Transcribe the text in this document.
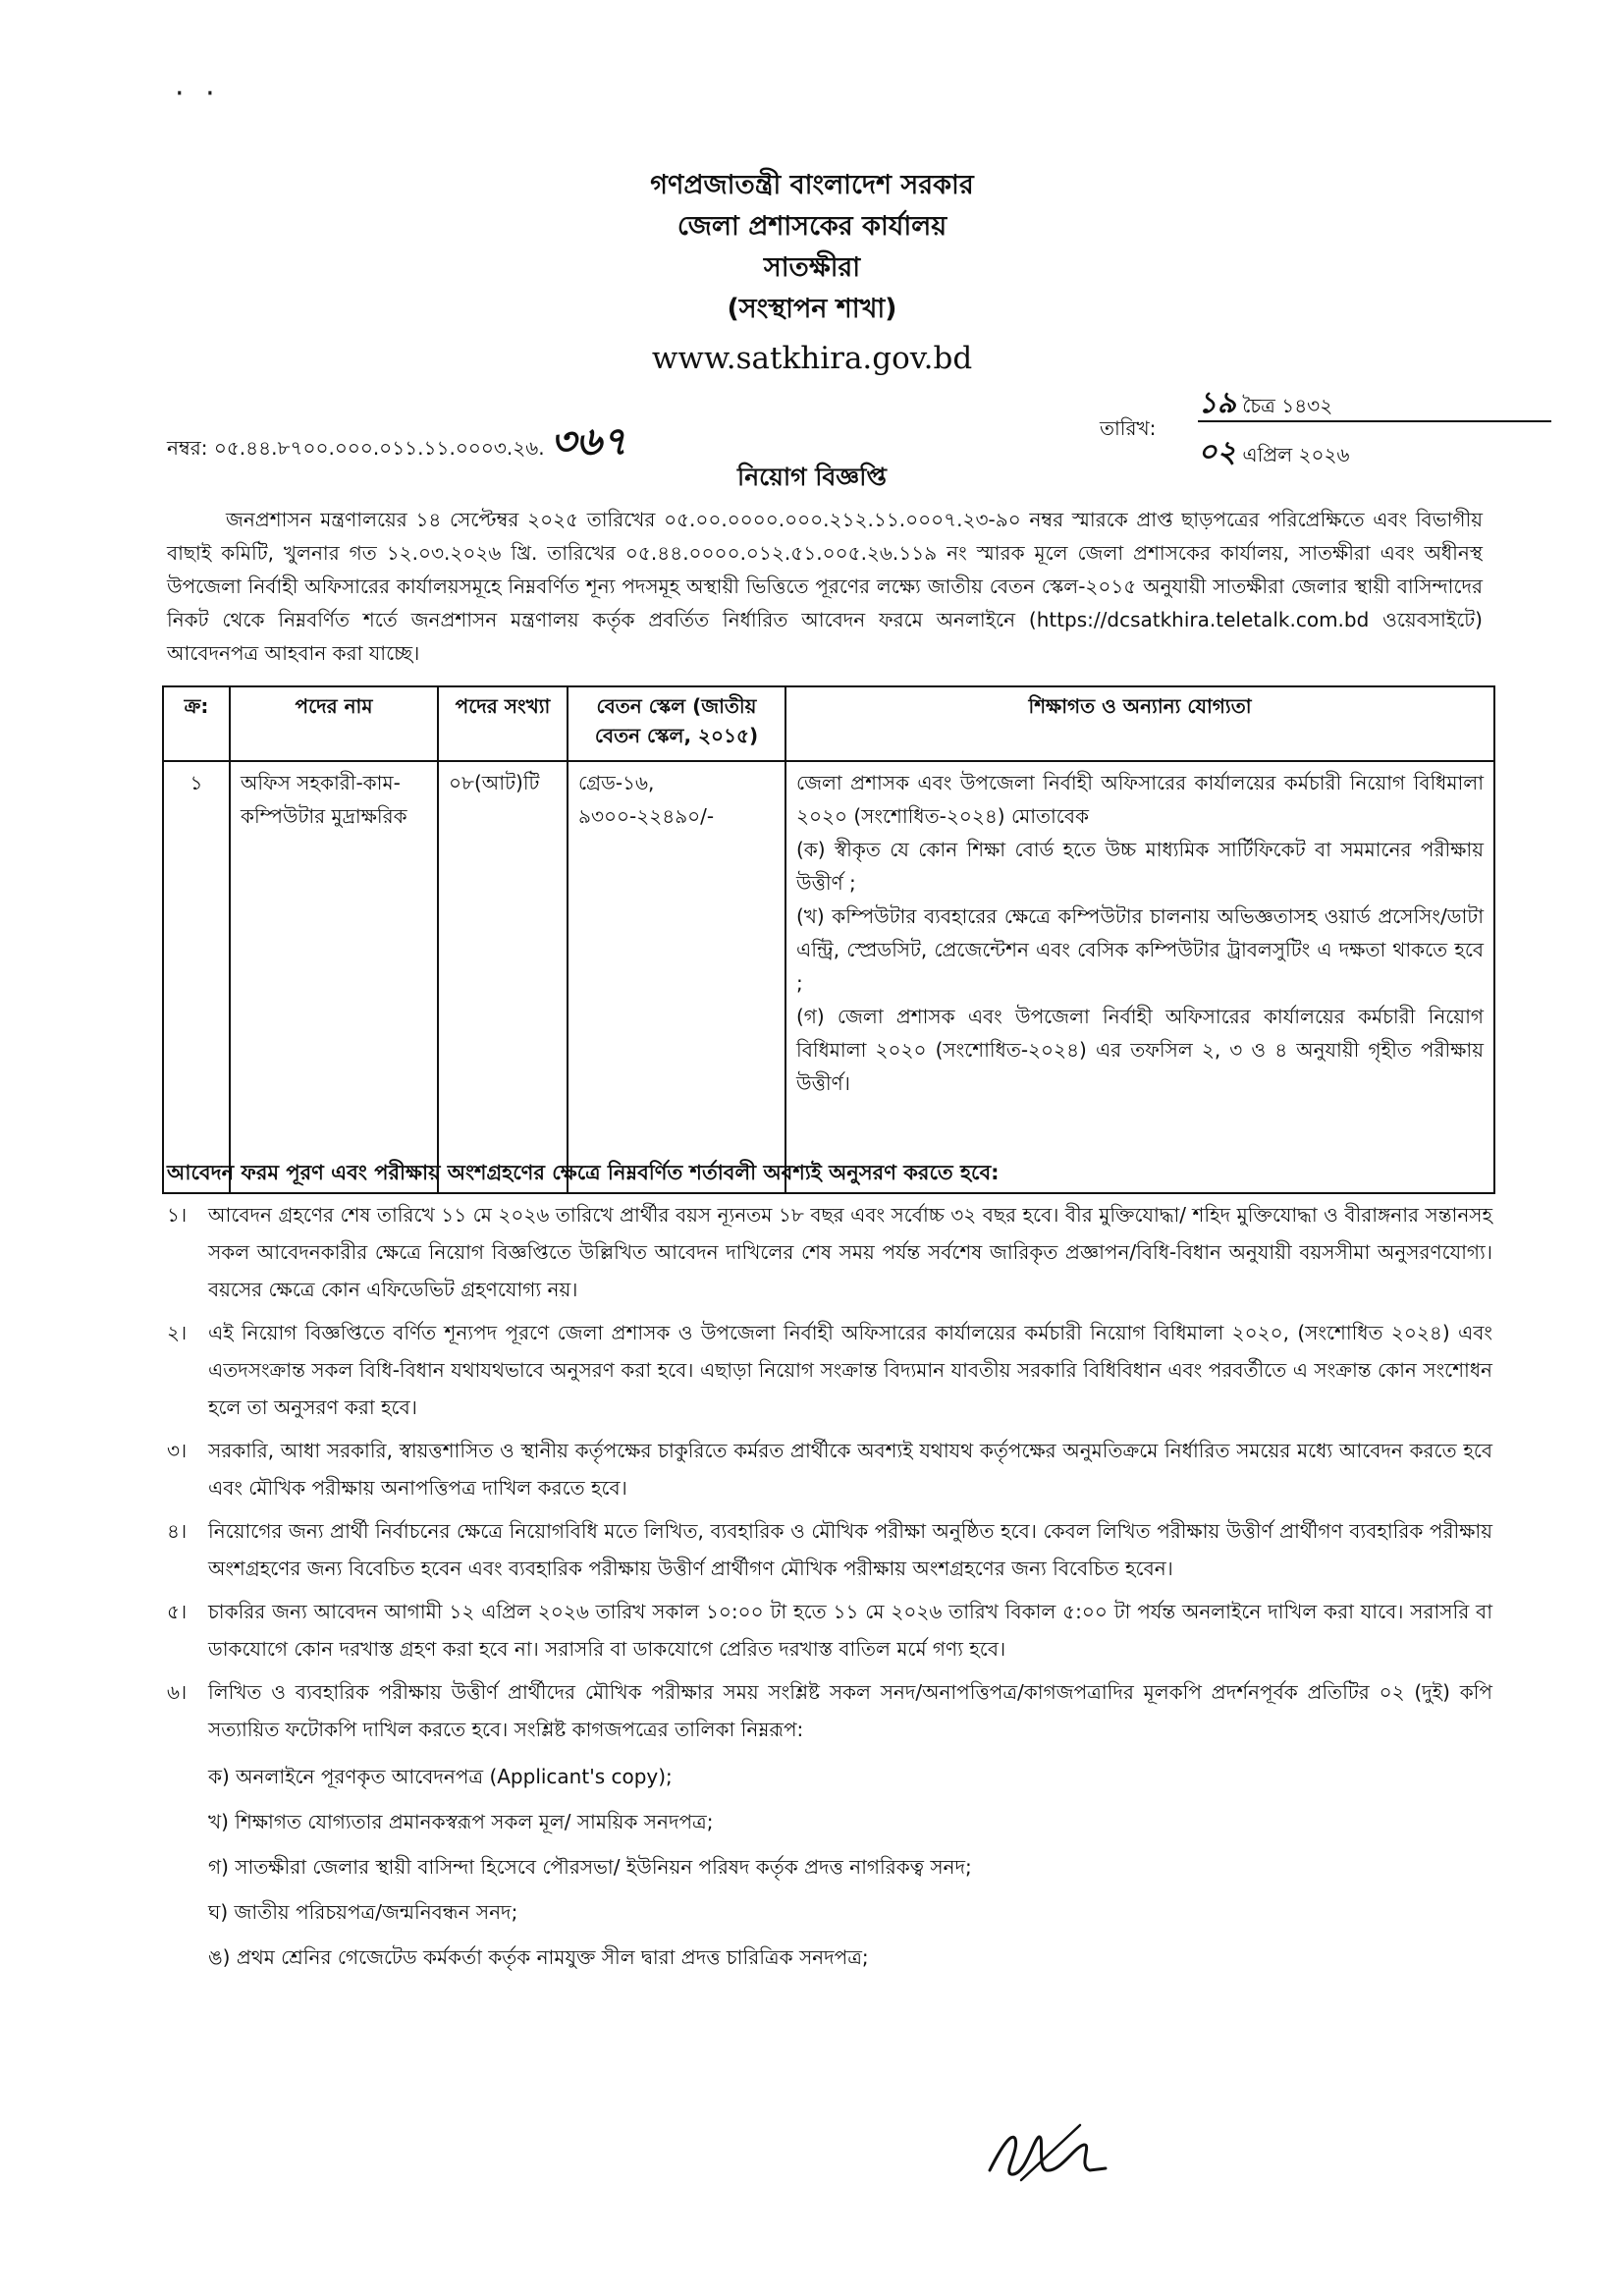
· ·
গণপ্রজাতন্ত্রী বাংলাদেশ সরকার
জেলা প্রশাসকের কার্যালয়
সাতক্ষীরা
(সংস্থাপন শাখা)
www.satkhira.gov.bd
নম্বর: ০৫.৪৪.৮৭০০.০০০.০১১.১১.০০০৩.২৬. ৩৬৭	তারিখ:
১৯ চৈত্র ১৪৩২
০২ এপ্রিল ২০২৬
নিয়োগ বিজ্ঞপ্তি
জনপ্রশাসন মন্ত্রণালয়ের ১৪ সেপ্টেম্বর ২০২৫ তারিখের ০৫.০০.০০০০.০০০.২১২.১১.০০০৭.২৩-৯০ নম্বর স্মারকে প্রাপ্ত ছাড়পত্রের পরিপ্রেক্ষিতে এবং বিভাগীয় বাছাই কমিটি, খুলনার গত ১২.০৩.২০২৬ খ্রি. তারিখের ০৫.৪৪.০০০০.০১২.৫১.০০৫.২৬.১১৯ নং স্মারক মূলে জেলা প্রশাসকের কার্যালয়, সাতক্ষীরা এবং অধীনস্থ উপজেলা নির্বাহী অফিসারের কার্যালয়সমূহে নিম্নবর্ণিত শূন্য পদসমূহ অস্থায়ী ভিত্তিতে পূরণের লক্ষ্যে জাতীয় বেতন স্কেল-২০১৫ অনুযায়ী সাতক্ষীরা জেলার স্থায়ী বাসিন্দাদের নিকট থেকে নিম্নবর্ণিত শর্তে জনপ্রশাসন মন্ত্রণালয় কর্তৃক প্রবর্তিত নির্ধারিত আবেদন ফরমে অনলাইনে (https://dcsatkhira.teletalk.com.bd ওয়েবসাইটে) আবেদনপত্র আহবান করা যাচ্ছে।
ক্র:	পদের নাম	পদের সংখ্যা	বেতন স্কেল (জাতীয় বেতন স্কেল, ২০১৫)	শিক্ষাগত ও অন্যান্য যোগ্যতা
১	অফিস সহকারী-কাম-কম্পিউটার মুদ্রাক্ষরিক	০৮(আট)টি	গ্রেড-১৬, ৯৩০০-২২৪৯০/-	জেলা প্রশাসক এবং উপজেলা নির্বাহী অফিসারের কার্যালয়ের কর্মচারী নিয়োগ বিধিমালা ২০২০ (সংশোধিত-২০২৪) মোতাবেক
(ক) স্বীকৃত যে কোন শিক্ষা বোর্ড হতে উচ্চ মাধ্যমিক সার্টিফিকেট বা সমমানের পরীক্ষায় উত্তীর্ণ ;
(খ) কম্পিউটার ব্যবহারের ক্ষেত্রে কম্পিউটার চালনায় অভিজ্ঞতাসহ ওয়ার্ড প্রসেসিং/ডাটা এন্ট্রি, স্প্রেডসিট, প্রেজেন্টেশন এবং বেসিক কম্পিউটার ট্রাবলসুটিং এ দক্ষতা থাকতে হবে ;
(গ) জেলা প্রশাসক এবং উপজেলা নির্বাহী অফিসারের কার্যালয়ের কর্মচারী নিয়োগ বিধিমালা ২০২০ (সংশোধিত-২০২৪) এর তফসিল ২, ৩ ও ৪ অনুযায়ী গৃহীত পরীক্ষায় উত্তীর্ণ।
আবেদন ফরম পূরণ এবং পরীক্ষায় অংশগ্রহণের ক্ষেত্রে নিম্নবর্ণিত শর্তাবলী অবশ্যই অনুসরণ করতে হবে:
১।	আবেদন গ্রহণের শেষ তারিখে ১১ মে ২০২৬ তারিখে প্রার্থীর বয়স ন্যূনতম ১৮ বছর এবং সর্বোচ্চ ৩২ বছর হবে। বীর মুক্তিযোদ্ধা/ শহিদ মুক্তিযোদ্ধা ও বীরাঙ্গনার সন্তানসহ সকল আবেদনকারীর ক্ষেত্রে নিয়োগ বিজ্ঞপ্তিতে উল্লিখিত আবেদন দাখিলের শেষ সময় পর্যন্ত সর্বশেষ জারিকৃত প্রজ্ঞাপন/বিধি-বিধান অনুযায়ী বয়সসীমা অনুসরণযোগ্য। বয়সের ক্ষেত্রে কোন এফিডেভিট গ্রহণযোগ্য নয়।
২।	এই নিয়োগ বিজ্ঞপ্তিতে বর্ণিত শূন্যপদ পূরণে জেলা প্রশাসক ও উপজেলা নির্বাহী অফিসারের কার্যালয়ের কর্মচারী নিয়োগ বিধিমালা ২০২০, (সংশোধিত ২০২৪) এবং এতদসংক্রান্ত সকল বিধি-বিধান যথাযথভাবে অনুসরণ করা হবে। এছাড়া নিয়োগ সংক্রান্ত বিদ্যমান যাবতীয় সরকারি বিধিবিধান এবং পরবর্তীতে এ সংক্রান্ত কোন সংশোধন হলে তা অনুসরণ করা হবে।
৩।	সরকারি, আধা সরকারি, স্বায়ত্তশাসিত ও স্থানীয় কর্তৃপক্ষের চাকুরিতে কর্মরত প্রার্থীকে অবশ্যই যথাযথ কর্তৃপক্ষের অনুমতিক্রমে নির্ধারিত সময়ের মধ্যে আবেদন করতে হবে এবং মৌখিক পরীক্ষায় অনাপত্তিপত্র দাখিল করতে হবে।
৪।	নিয়োগের জন্য প্রার্থী নির্বাচনের ক্ষেত্রে নিয়োগবিধি মতে লিখিত, ব্যবহারিক ও মৌখিক পরীক্ষা অনুষ্ঠিত হবে। কেবল লিখিত পরীক্ষায় উত্তীর্ণ প্রার্থীগণ ব্যবহারিক পরীক্ষায় অংশগ্রহণের জন্য বিবেচিত হবেন এবং ব্যবহারিক পরীক্ষায় উত্তীর্ণ প্রার্থীগণ মৌখিক পরীক্ষায় অংশগ্রহণের জন্য বিবেচিত হবেন।
৫।	চাকরির জন্য আবেদন আগামী ১২ এপ্রিল ২০২৬ তারিখ সকাল ১০:০০ টা হতে ১১ মে ২০২৬ তারিখ বিকাল ৫:০০ টা পর্যন্ত অনলাইনে দাখিল করা যাবে। সরাসরি বা ডাকযোগে কোন দরখাস্ত গ্রহণ করা হবে না। সরাসরি বা ডাকযোগে প্রেরিত দরখাস্ত বাতিল মর্মে গণ্য হবে।
৬।	লিখিত ও ব্যবহারিক পরীক্ষায় উত্তীর্ণ প্রার্থীদের মৌখিক পরীক্ষার সময় সংশ্লিষ্ট সকল সনদ/অনাপত্তিপত্র/কাগজপত্রাদির মূলকপি প্রদর্শনপূর্বক প্রতিটির ০২ (দুই) কপি সত্যায়িত ফটোকপি দাখিল করতে হবে। সংশ্লিষ্ট কাগজপত্রের তালিকা নিম্নরূপ:
ক) অনলাইনে পূরণকৃত আবেদনপত্র (Applicant's copy);
খ) শিক্ষাগত যোগ্যতার প্রমানকস্বরূপ সকল মূল/ সাময়িক সনদপত্র;
গ) সাতক্ষীরা জেলার স্থায়ী বাসিন্দা হিসেবে পৌরসভা/ ইউনিয়ন পরিষদ কর্তৃক প্রদত্ত নাগরিকত্ব সনদ;
ঘ) জাতীয় পরিচয়পত্র/জন্মনিবন্ধন সনদ;
ঙ) প্রথম শ্রেনির গেজেটেড কর্মকর্তা কর্তৃক নামযুক্ত সীল দ্বারা প্রদত্ত চারিত্রিক সনদপত্র;
